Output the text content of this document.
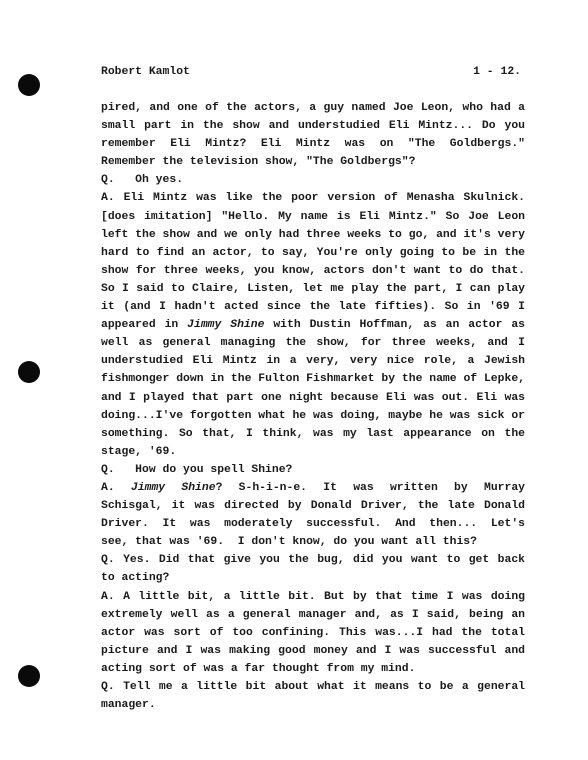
Robert Kamlot	1 - 12.
pired, and one of the actors, a guy named Joe Leon, who had a
small part in the show and understudied Eli Mintz... Do you
remember Eli Mintz? Eli Mintz was on "The Goldbergs."
Remember the television show, "The Goldbergs"?
Q.   Oh yes.
A. Eli Mintz was like the poor version of Menasha Skulnick.
[does imitation] "Hello. My name is Eli Mintz." So Joe Leon
left the show and we only had three weeks to go, and it's very
hard to find an actor, to say, You're only going to be in the
show for three weeks, you know, actors don't want to do that.
So I said to Claire, Listen, let me play the part, I can play
it (and I hadn't acted since the late fifties). So in '69 I
appeared in Jimmy Shine with Dustin Hoffman, as an actor as
well as general managing the show, for three weeks, and I
understudied Eli Mintz in a very, very nice role, a Jewish
fishmonger down in the Fulton Fishmarket by the name of Lepke,
and I played that part one night because Eli was out. Eli was
doing...I've forgotten what he was doing, maybe he was sick or
something. So that, I think, was my last appearance on the
stage, '69.
Q.   How do you spell Shine?
A. Jimmy Shine? S-h-i-n-e. It was written by Murray
Schisgal, it was directed by Donald Driver, the late Donald
Driver. It was moderately successful. And then... Let's
see, that was '69.  I don't know, do you want all this?
Q. Yes. Did that give you the bug, did you want to get back
to acting?
A. A little bit, a little bit. But by that time I was doing
extremely well as a general manager and, as I said, being an
actor was sort of too confining. This was...I had the total
picture and I was making good money and I was successful and
acting sort of was a far thought from my mind.
Q. Tell me a little bit about what it means to be a general
manager.
